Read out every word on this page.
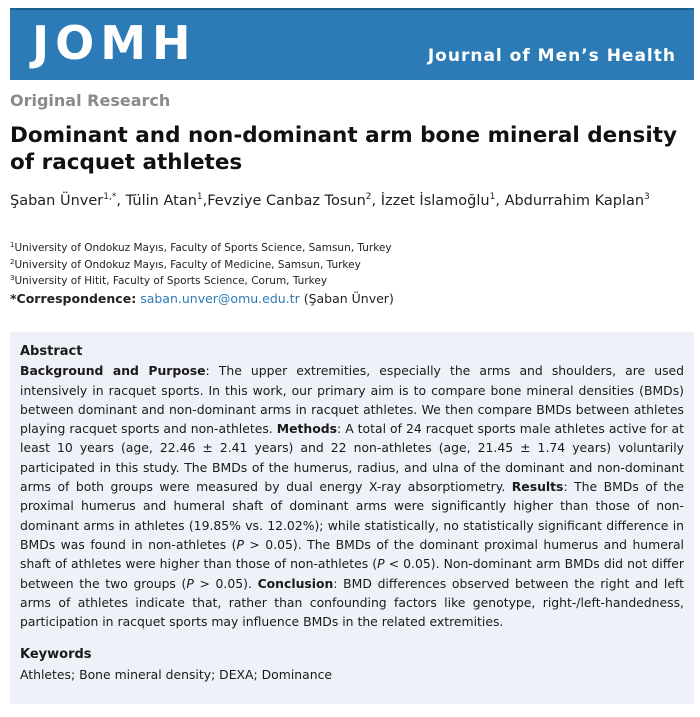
JOMH	Journal of Men’s Health
Original Research
Dominant and non-dominant arm bone mineral density
of racquet athletes
Şaban Ünver$^{1,*}$, Tülin Atan$^1$,Fevziye Canbaz Tosun$^2$, İzzet İslamoğlu$^1$, Abdurrahim Kaplan$^3$
$^1$University of Ondokuz Mayıs, Faculty of Sports Science, Samsun, Turkey
$^2$University of Ondokuz Mayıs, Faculty of Medicine, Samsun, Turkey
$^3$University of Hitit, Faculty of Sports Science, Corum, Turkey
*Correspondence: saban.unver@omu.edu.tr (Şaban Ünver)
Abstract
Background and Purpose: The upper extremities, especially the arms and shoulders, are used intensively in racquet sports. In this work, our primary aim is to compare bone mineral densities (BMDs) between dominant and non-dominant arms in racquet athletes. We then compare BMDs between athletes playing racquet sports and non-athletes. Methods: A total of 24 racquet sports male athletes active for at least 10 years (age, 22.46 ± 2.41 years) and 22 non-athletes (age, 21.45 ± 1.74 years) voluntarily participated in this study. The BMDs of the humerus, radius, and ulna of the dominant and non-dominant arms of both groups were measured by dual energy X-ray absorptiometry. Results: The BMDs of the proximal humerus and humeral shaft of dominant arms were significantly higher than those of non-dominant arms in athletes (19.85% vs. 12.02%); while statistically, no statistically significant difference in BMDs was found in non-athletes (P > 0.05). The BMDs of the dominant proximal humerus and humeral shaft of athletes were higher than those of non-athletes (P < 0.05). Non-dominant arm BMDs did not differ between the two groups (P > 0.05). Conclusion: BMD differences observed between the right and left arms of athletes indicate that, rather than confounding factors like genotype, right-/left-handedness, participation in racquet sports may influence BMDs in the related extremities.
Keywords
Athletes; Bone mineral density; DEXA; Dominance
